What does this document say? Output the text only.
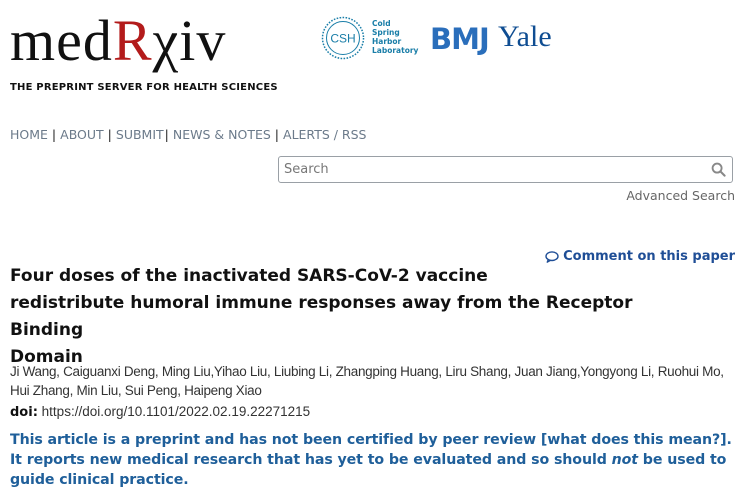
medRχiv
THE PREPRINT SERVER FOR HEALTH SCIENCES
CSH
Cold
Spring
Harbor
Laboratory BMJ Yale
HOME | ABOUT | SUBMIT| NEWS & NOTES | ALERTS / RSS
Search
Advanced Search
Comment on this paper
Four doses of the inactivated SARS-CoV-2 vaccine
redistribute humoral immune responses away from the Receptor Binding
Domain
Ji Wang, Caiguanxi Deng, Ming Liu,Yihao Liu, Liubing Li, Zhangping Huang, Liru Shang, Juan Jiang,Yongyong Li, Ruohui Mo,
Hui Zhang, Min Liu, Sui Peng, Haipeng Xiao
doi: https://doi.org/10.1101/2022.02.19.22271215
This article is a preprint and has not been certified by peer review [what does this mean?]. It reports new medical research that has yet to be evaluated and so should not be used to guide clinical practice.
